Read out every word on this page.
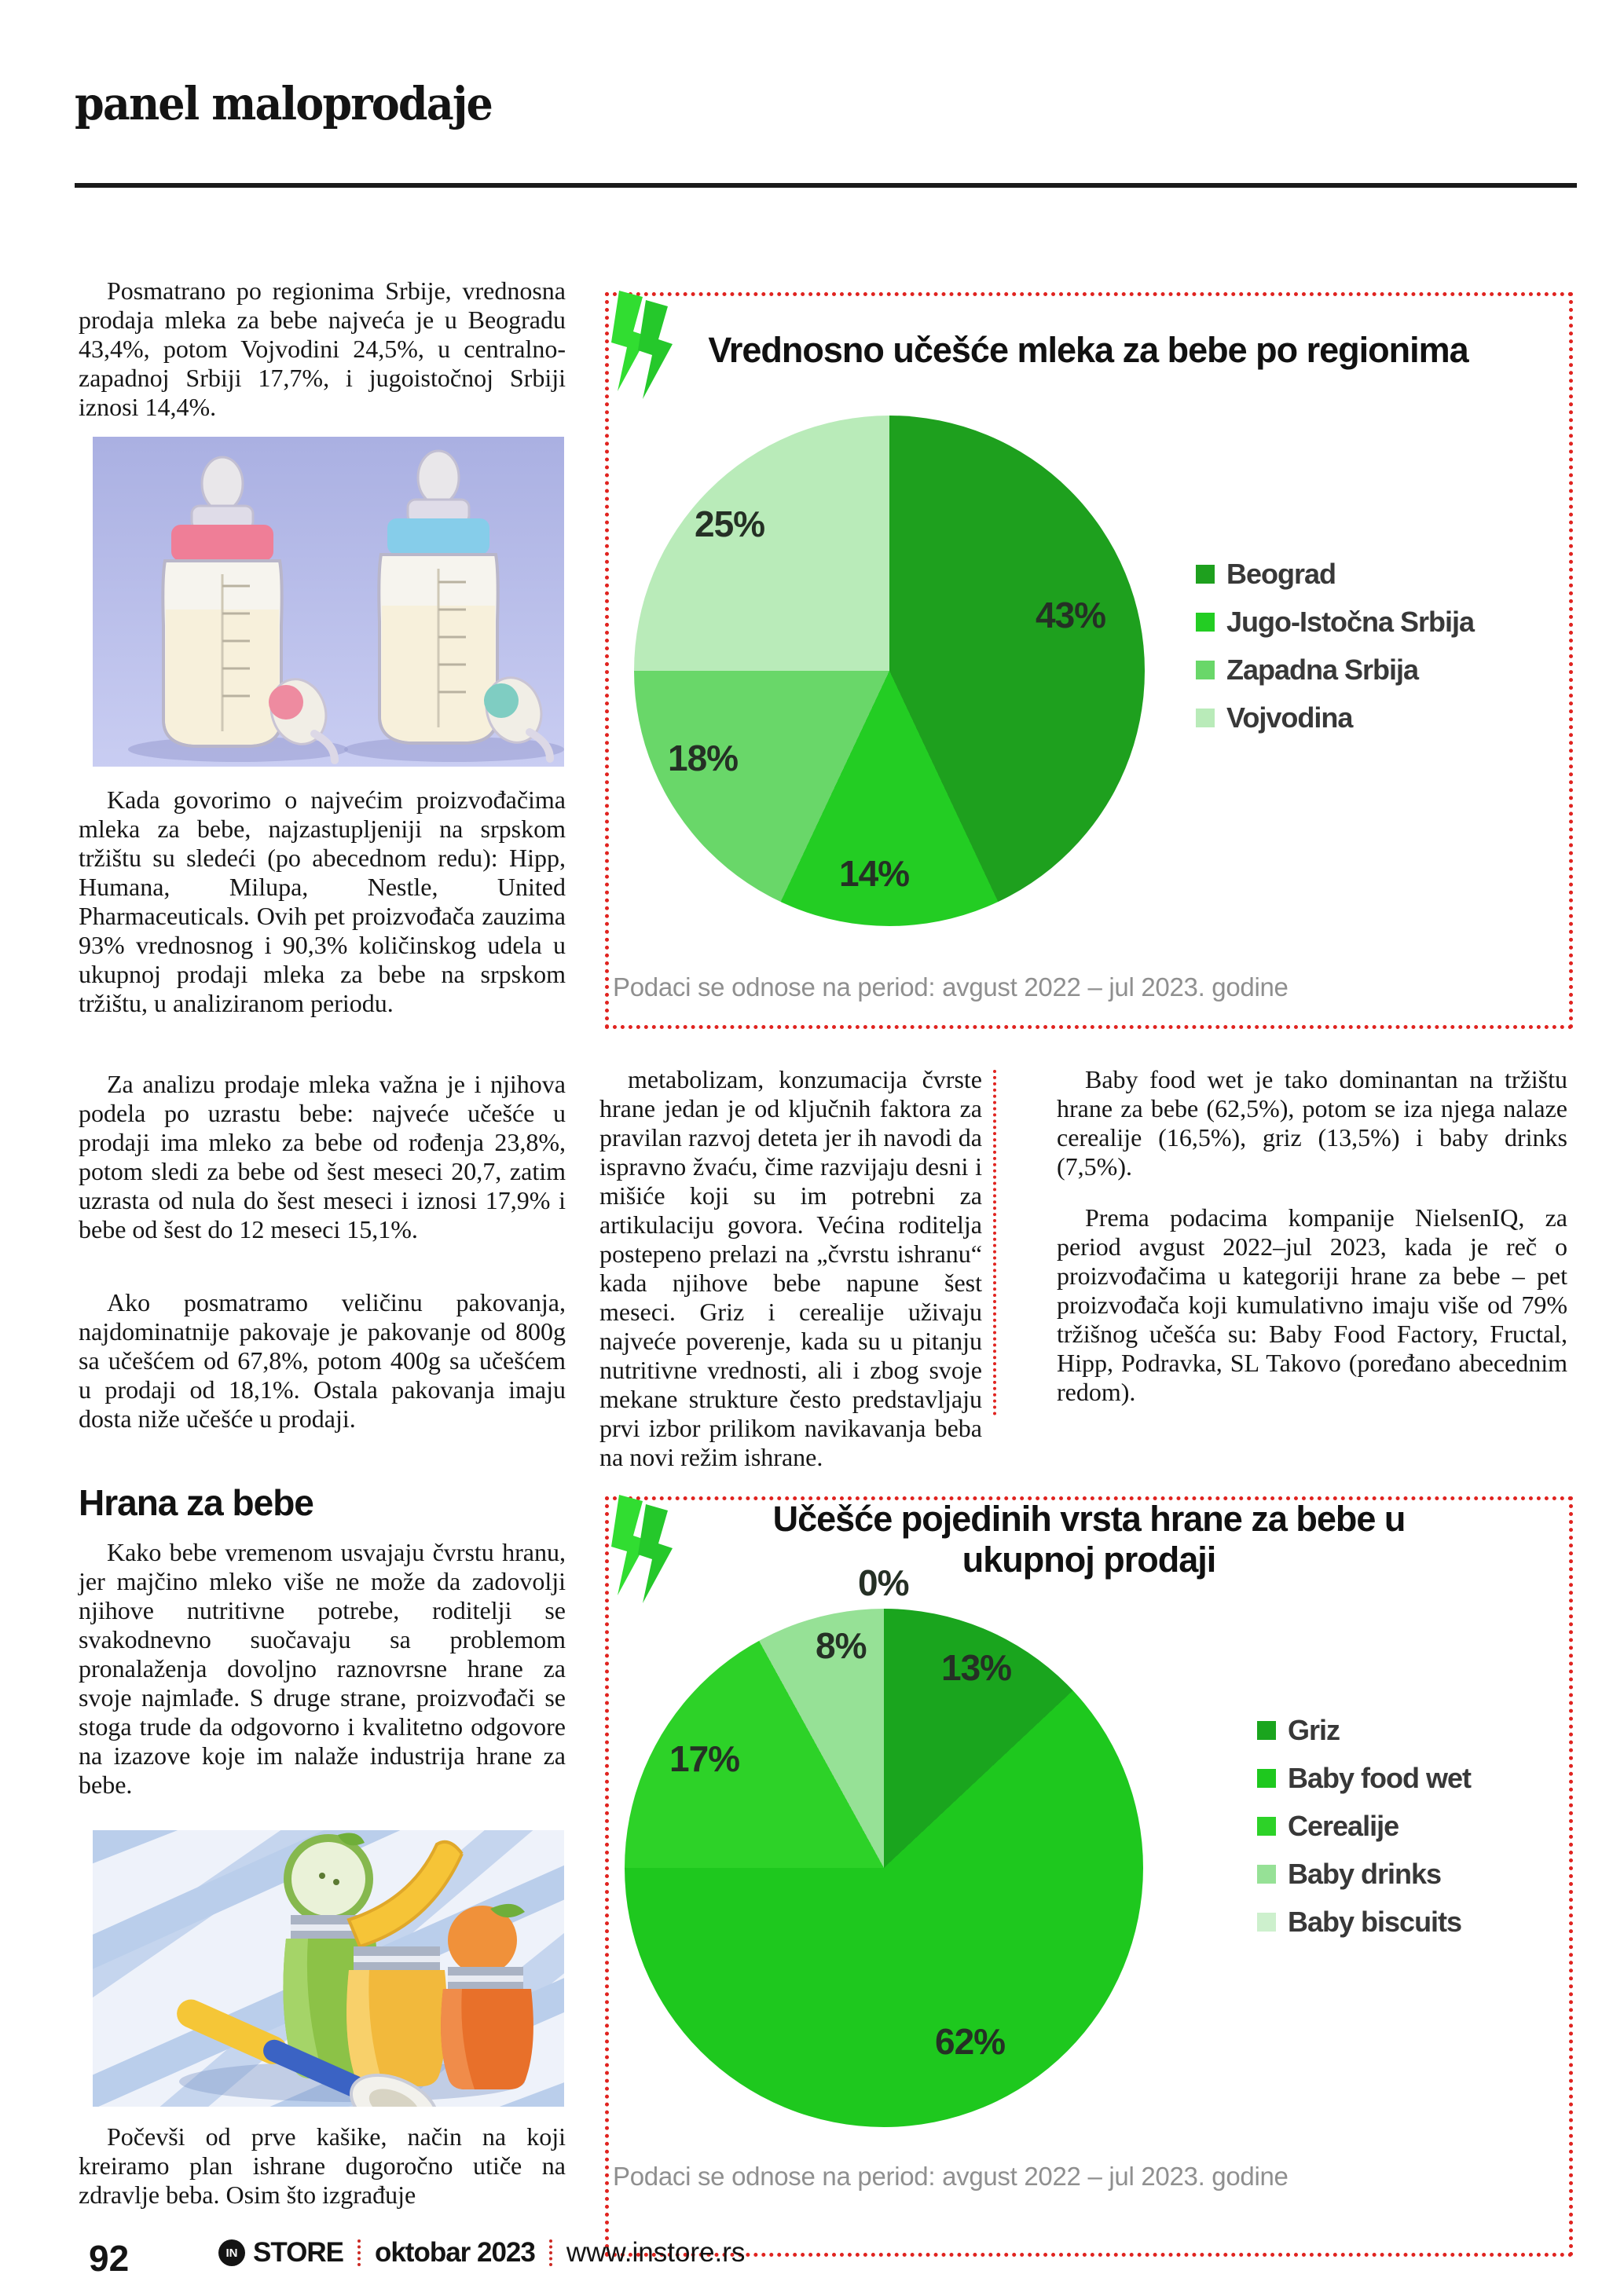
panel maloprodaje

Posmatrano po regionima Srbije, vrednosna prodaja mleka za bebe najveća je u Beogradu 43,4%, potom Vojvodini 24,5%, u centralno-zapadnoj Srbiji 17,7%, i jugoistočnoj Srbiji iznosi 14,4%.

Kada govorimo o najvećim proizvođačima mleka za bebe, najzastupljeniji na srpskom tržištu su sledeći (po abecednom redu): Hipp, Humana, Milupa, Nestle, United Pharmaceuticals. Ovih pet proizvođača zauzima 93% vrednosnog i 90,3% količinskog udela u ukupnoj prodaji mleka za bebe na srpskom tržištu, u analiziranom periodu.

Za analizu prodaje mleka važna je i njihova podela po uzrastu bebe: najveće učešće u prodaji ima mleko za bebe od rođenja 23,8%, potom sledi za bebe od šest meseci 20,7, zatim uzrasta od nula do šest meseci i iznosi 17,9% i bebe od šest do 12 meseci 15,1%.

Ako posmatramo veličinu pakovanja, najdominatnije pakovaje je pakovanje od 800g sa učešćem od 67,8%, potom 400g sa učešćem u prodaji od 18,1%. Ostala pakovanja imaju dosta niže učešće u prodaji.

Hrana za bebe

Kako bebe vremenom usvajaju čvrstu hranu, jer majčino mleko više ne može da zadovolji njihove nutritivne potrebe, roditelji se svakodnevno suočavaju sa problemom pronalaženja dovoljno raznovrsne hrane za svoje najmlađe. S druge strane, proizvođači se stoga trude da odgovorno i kvalitetno odgovore na izazove koje im nalaže industrija hrane za bebe.

Počevši od prve kašike, način na koji kreiramo plan ishrane dugoročno utiče na zdravlje beba. Osim što izgrađuje

metabolizam, konzumacija čvrste hrane jedan je od ključnih faktora za pravilan razvoj deteta jer ih navodi da ispravno žvaću, čime razvijaju desni i mišiće koji su im potrebni za artikulaciju govora. Većina roditelja postepeno prelazi na „čvrstu ishranu“ kada njihove bebe napune šest meseci. Griz i cerealije uživaju najveće poverenje, kada su u pitanju nutritivne vrednosti, ali i zbog svoje mekane strukture često predstavljaju prvi izbor prilikom navikavanja beba na novi režim ishrane.

Baby food wet je tako dominantan na tržištu hrane za bebe (62,5%), potom se iza njega nalaze cerealije (16,5%), griz (13,5%) i baby drinks (7,5%).

Prema podacima kompanije NielsenIQ, za period avgust 2022–jul 2023, kada je reč o proizvođačima u kategoriji hrane za bebe – pet proizvođača koji kumulativno imaju više od 79% tržišnog učešća su: Baby Food Factory, Fructal, Hipp, Podravka, SL Takovo (poređano abecednim redom).

Vrednosno učešće mleka za bebe po regionima
25%
43%
18%
14%
Beograd
Jugo-Istočna Srbija
Zapadna Srbija
Vojvodina
Podaci se odnose na period: avgust 2022 – jul 2023. godine
Učešće pojedinih vrsta hrane za bebe u ukupnoj prodaji
0%
8%
13%
17%
62%
Griz
Baby food wet
Cerealije
Baby drinks
Baby biscuits
Podaci se odnose na period: avgust 2022 – jul 2023. godine
92	IN STORE oktobar 2023 www.instore.rs
